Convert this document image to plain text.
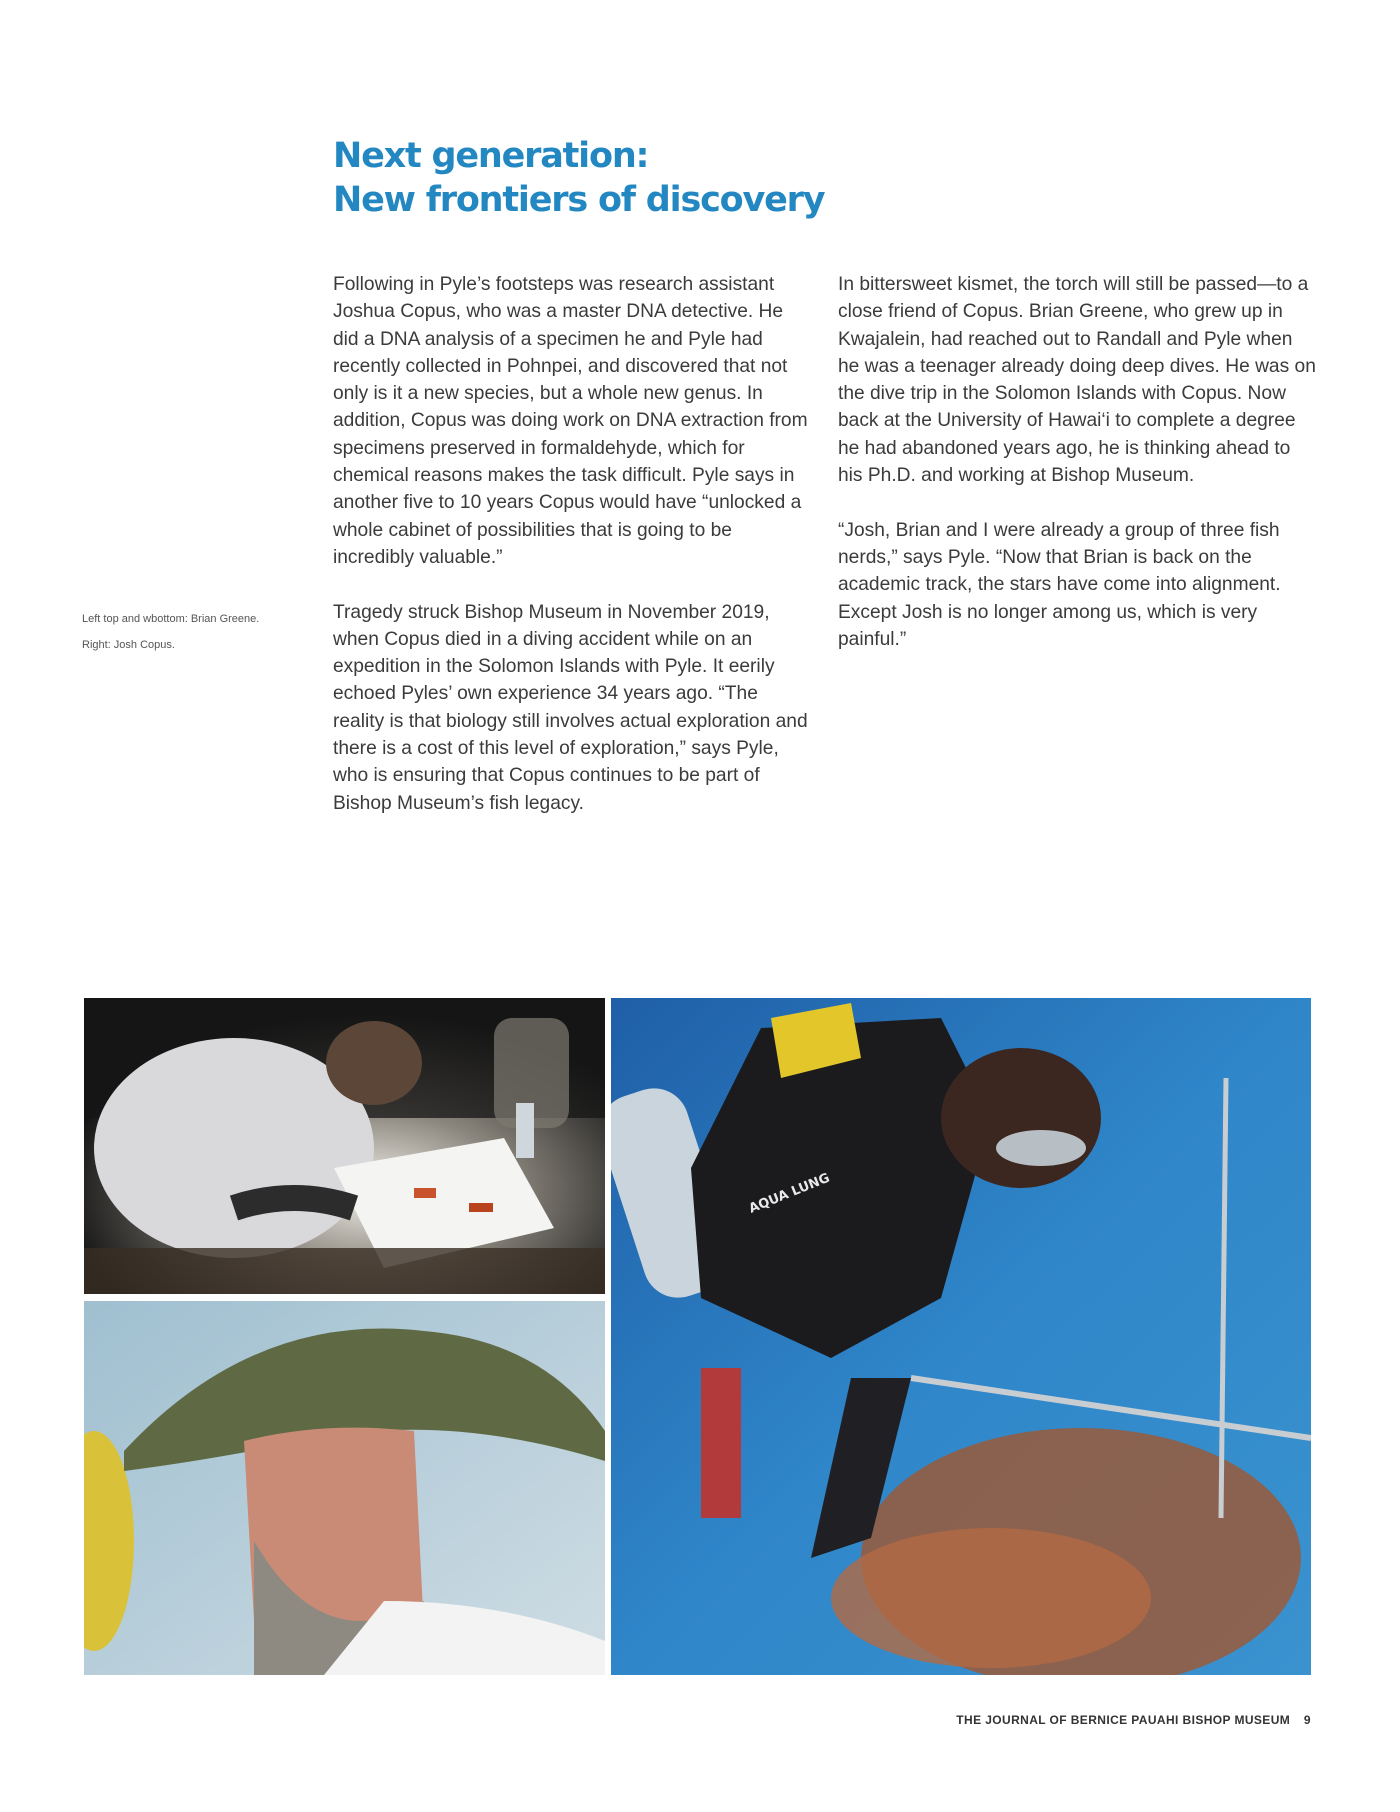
Next generation:
New frontiers of discovery

Following in Pyle’s footsteps was research assistant Joshua Copus, who was a master DNA detective. He did a DNA analysis of a specimen he and Pyle had recently collected in Pohnpei, and discovered that not only is it a new species, but a whole new genus. In addition, Copus was doing work on DNA extraction from specimens preserved in formaldehyde, which for chemical reasons makes the task difficult. Pyle says in another five to 10 years Copus would have “unlocked a whole cabinet of possibilities that is going to be incredibly valuable.”

Tragedy struck Bishop Museum in November 2019, when Copus died in a diving accident while on an expedition in the Solomon Islands with Pyle. It eerily echoed Pyles’ own experience 34 years ago. “The reality is that biology still involves actual exploration and there is a cost of this level of exploration,” says Pyle, who is ensuring that Copus continues to be part of Bishop Museum’s fish legacy.

In bittersweet kismet, the torch will still be passed—to a close friend of Copus. Brian Greene, who grew up in Kwajalein, had reached out to Randall and Pyle when he was a teenager already doing deep dives. He was on the dive trip in the Solomon Islands with Copus. Now back at the University of Hawai‘i to complete a degree he had abandoned years ago, he is thinking ahead to his Ph.D. and working at Bishop Museum.

“Josh, Brian and I were already a group of three fish nerds,” says Pyle. “Now that Brian is back on the academic track, the stars have come into alignment. Except Josh is no longer among us, which is very painful.”

Left top and wbottom: Brian Greene.
Right: Josh Copus.
AQUA LUNG
THE JOURNAL OF BERNICE PAUAHI BISHOP MUSEUM 9
